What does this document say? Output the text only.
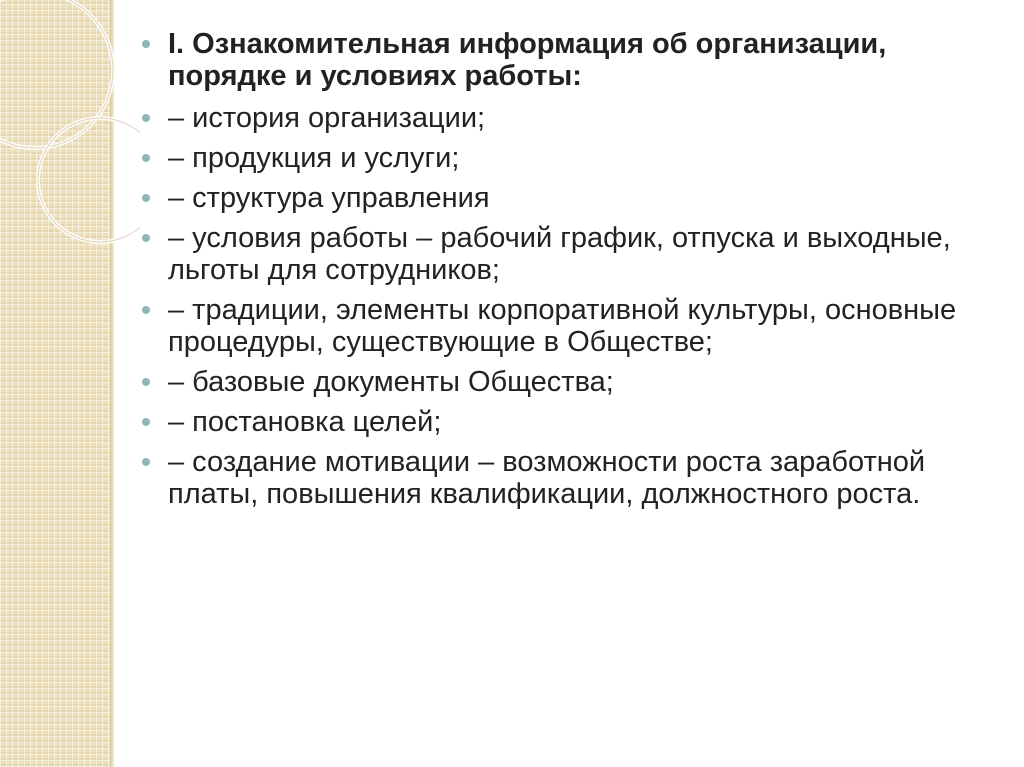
I. Ознакомительная информация об организации, порядке и условиях работы:
– история организации;
– продукция и услуги;
– структура управления
– условия работы – рабочий график, отпуска и выходные, льготы для сотрудников;
– традиции, элементы корпоративной культуры, основные процедуры, существующие в Обществе;
– базовые документы Общества;
– постановка целей;
– создание мотивации – возможности роста заработной платы, повышения квалификации, должностного роста.
